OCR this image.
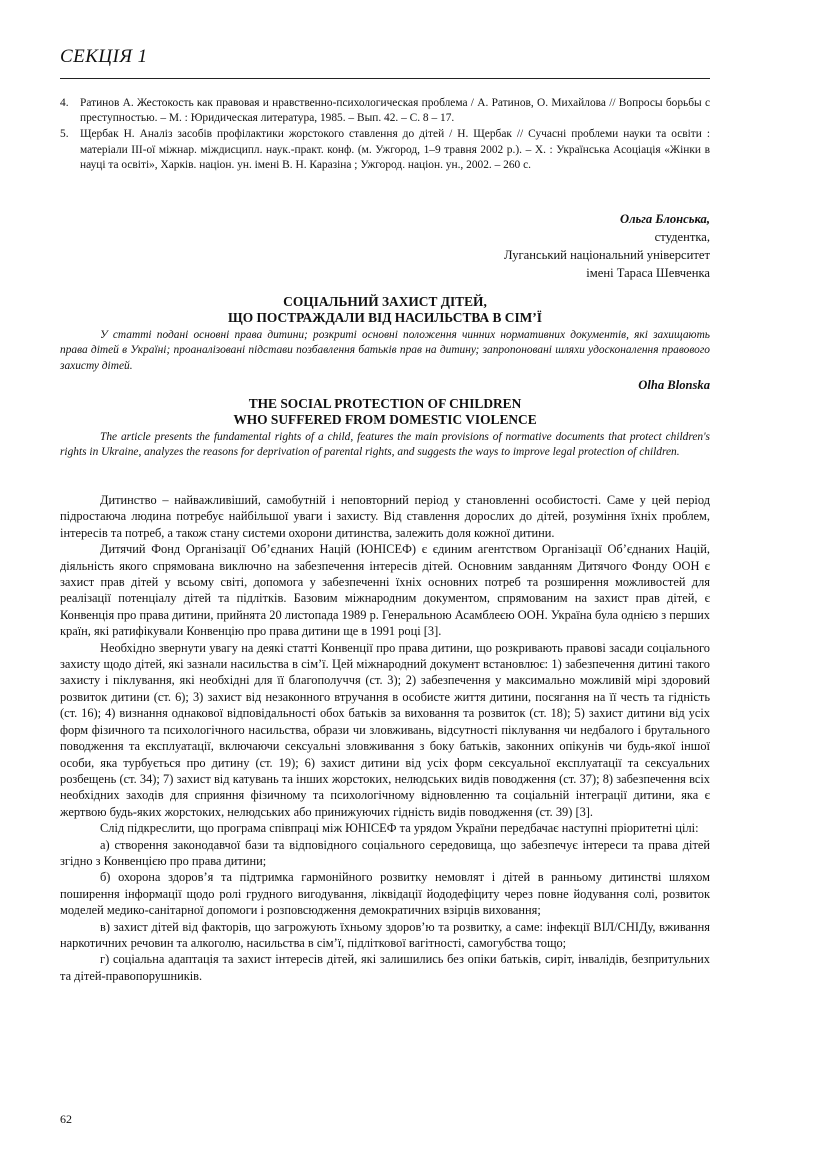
СЕКЦІЯ 1
4.	Ратинов А. Жестокость как правовая и нравственно-психологическая проблема / А. Ратинов, О. Михайлова // Вопросы борьбы с преступностью. – М. : Юридическая литература, 1985. – Вып. 42. – С. 8 – 17.
5.	Щербак Н. Аналіз засобів профілактики жорстокого ставлення до дітей / Н. Щербак // Сучасні проблеми науки та освіти : матеріали ІІІ-ої міжнар. міждисципл. наук.-практ. конф. (м. Ужгород, 1–9 травня 2002 р.). – Х. : Українська Асоціація «Жінки в науці та освіті», Харків. націон. ун. імені В. Н. Каразіна ; Ужгород. націон. ун., 2002. – 260 с.
Ольга Блонська,
студентка,
Луганський національний університет
імені Тараса Шевченка
СОЦІАЛЬНИЙ ЗАХИСТ ДІТЕЙ,
ЩО ПОСТРАЖДАЛИ ВІД НАСИЛЬСТВА В СІМ’Ї
У статті подані основні права дитини; розкриті основні положення чинних нормативних документів, які захищають права дітей в Україні; проаналізовані підстави позбавлення батьків прав на дитину; запропоновані шляхи удосконалення правового захисту дітей.
Olha Blonska
THE SOCIAL PROTECTION OF CHILDREN
WHO SUFFERED FROM DOMESTIC VIOLENCE
The article presents the fundamental rights of a child, features the main provisions of normative documents that protect children's rights in Ukraine, analyzes the reasons for deprivation of parental rights, and suggests the ways to improve legal protection of children.

Дитинство – найважливіший, самобутній і неповторний період у становленні особистості. Саме у цей період підростаюча людина потребує найбільшої уваги і захисту. Від ставлення дорослих до дітей, розуміння їхніх проблем, інтересів та потреб, а також стану системи охорони дитинства, залежить доля кожної дитини.

Дитячий Фонд Організації Об’єднаних Націй (ЮНІСЕФ) є єдиним агентством Організації Об’єднаних Націй, діяльність якого спрямована виключно на забезпечення інтересів дітей. Основним завданням Дитячого Фонду ООН є захист прав дітей у всьому світі, допомога у забезпеченні їхніх основних потреб та розширення можливостей для реалізації потенціалу дітей та підлітків. Базовим міжнародним документом, спрямованим на захист прав дітей, є Конвенція про права дитини, прийнята 20 листопада 1989 р. Генеральною Асамблеєю ООН. Україна була однією з перших країн, які ратифікували Конвенцію про права дитини ще в 1991 році [3].

Необхідно звернути увагу на деякі статті Конвенції про права дитини, що розкривають правові засади соціального захисту щодо дітей, які зазнали насильства в сім’ї. Цей міжнародний документ встановлює: 1) забезпечення дитині такого захисту і піклування, які необхідні для її благополуччя (ст. 3); 2) забезпечення у максимально можливій мірі здоровий розвиток дитини (ст. 6); 3) захист від незаконного втручання в особисте життя дитини, посягання на її честь та гідність (ст. 16); 4) визнання однакової відповідальності обох батьків за виховання та розвиток (ст. 18); 5) захист дитини від усіх форм фізичного та психологічного насильства, образи чи зловживань, відсутності піклування чи недбалого і брутального поводження та експлуатації, включаючи сексуальні зловживання з боку батьків, законних опікунів чи будь-якої іншої особи, яка турбується про дитину (ст. 19); 6) захист дитини від усіх форм сексуальної експлуатації та сексуальних розбещень (ст. 34); 7) захист від катувань та інших жорстоких, нелюдських видів поводження (ст. 37); 8) забезпечення всіх необхідних заходів для сприяння фізичному та психологічному відновленню та соціальній інтеграції дитини, яка є жертвою будь-яких жорстоких, нелюдських або принижуючих гідність видів поводження (ст. 39) [3].

Слід підкреслити, що програма співпраці між ЮНІСЕФ та урядом України передбачає наступні пріоритетні цілі:

а) створення законодавчої бази та відповідного соціального середовища, що забезпечує інтереси та права дітей згідно з Конвенцією про права дитини;

б) охорона здоров’я та підтримка гармонійного розвитку немовлят і дітей в ранньому дитинстві шляхом поширення інформації щодо ролі грудного вигодування, ліквідації йододефіциту через повне йодування солі, розвиток моделей медико-санітарної допомоги і розповсюдження демократичних взірців виховання;

в) захист дітей від факторів, що загрожують їхньому здоров’ю та розвитку, а саме: інфекції ВІЛ/СНІДу, вживання наркотичних речовин та алкоголю, насильства в сім’ї, підліткової вагітності, самогубства тощо;

г) соціальна адаптація та захист інтересів дітей, які залишились без опіки батьків, сиріт, інвалідів, безпритульних та дітей-правопорушників.

62
